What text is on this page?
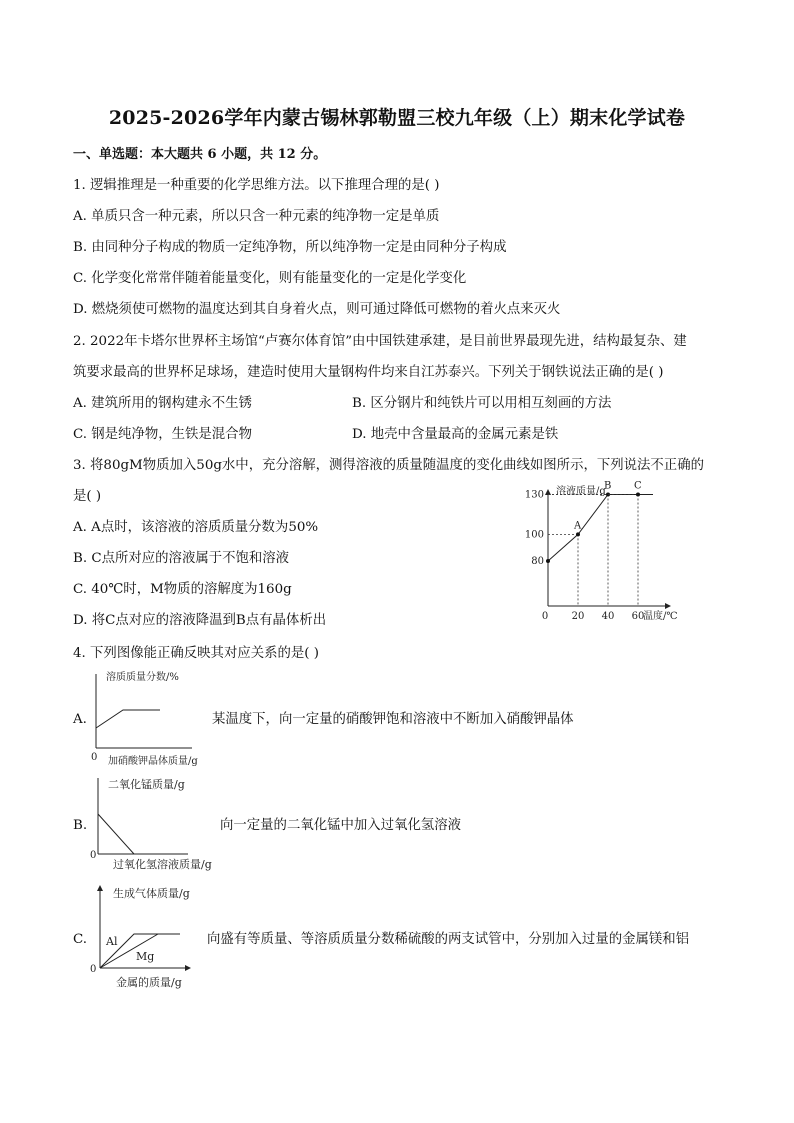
2025-2026学年内蒙古锡林郭勒盟三校九年级（上）期末化学试卷
一、单选题：本大题共 6 小题，共 12 分。
1. 逻辑推理是一种重要的化学思维方法。以下推理合理的是( )
A. 单质只含一种元素，所以只含一种元素的纯净物一定是单质
B. 由同种分子构成的物质一定纯净物，所以纯净物一定是由同种分子构成
C. 化学变化常常伴随着能量变化，则有能量变化的一定是化学变化
D. 燃烧须使可燃物的温度达到其自身着火点，则可通过降低可燃物的着火点来灭火
2. 2022年卡塔尔世界杯主场馆“卢赛尔体育馆”由中国铁建承建，是目前世界最现先进，结构最复杂、建
筑要求最高的世界杯足球场，建造时使用大量钢构件均来自江苏泰兴。下列关于钢铁说法正确的是( )
A. 建筑所用的钢构建永不生锈	B. 区分钢片和纯铁片可以用相互刻画的方法
C. 钢是纯净物，生铁是混合物	D. 地壳中含量最高的金属元素是铁
3. 将80gM物质加入50g水中，充分溶解，测得溶液的质量随温度的变化曲线如图所示，下列说法不正确的
是( )
A. A点时，该溶液的溶质质量分数为50%
B. C点所对应的溶液属于不饱和溶液
C. 40℃时，M物质的溶解度为160g
D. 将C点对应的溶液降温到B点有晶体析出
溶液质量/g
温度/℃
0
A
B C
20 40 60
80
100
130
4. 下列图像能正确反映其对应关系的是( )
A.
溶质质量分数/%
0 加硝酸钾晶体质量/g
某温度下，向一定量的硝酸钾饱和溶液中不断加入硝酸钾晶体
B.
二氧化锰质量/g
0
过氧化氢溶液质量/g
向一定量的二氧化锰中加入过氧化氢溶液
C.
生成气体质量/g
Al
Mg
0
金属的质量/g
向盛有等质量、等溶质质量分数稀硫酸的两支试管中，分别加入过量的金属镁和铝
